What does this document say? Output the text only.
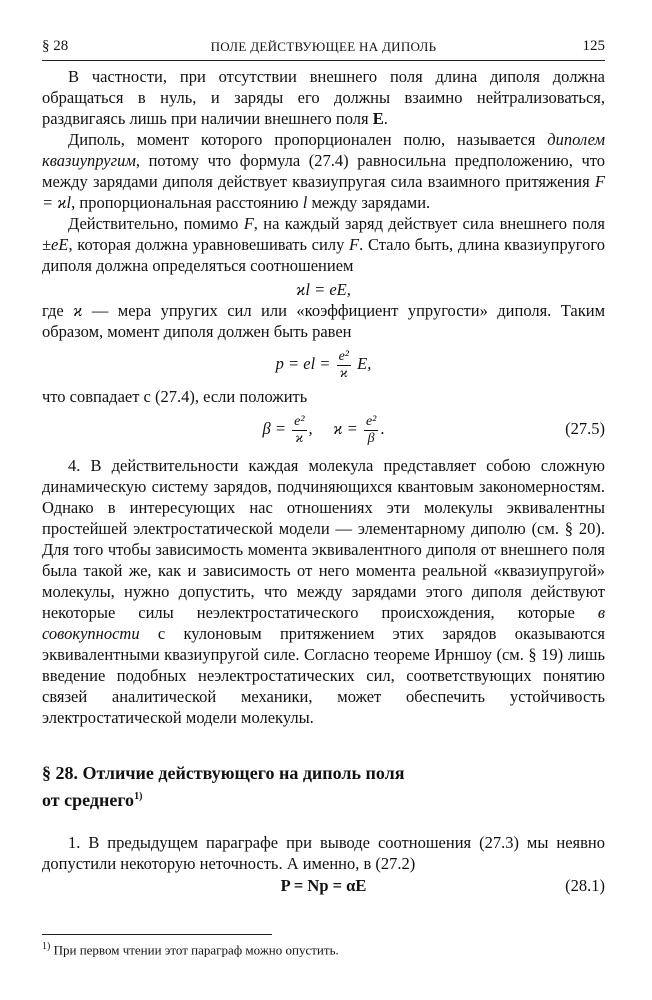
§ 28	ПОЛЕ ДЕЙСТВУЮЩЕЕ НА ДИПОЛЬ	125

В частности, при отсутствии внешнего поля длина диполя должна обращаться в нуль, и заряды его должны взаимно нейтрализоваться, раздвигаясь лишь при наличии внешнего поля E.

Диполь, момент которого пропорционален полю, называется диполем квазиупругим, потому что формула (27.4) равносильна предположению, что между зарядами диполя действует квазиупругая сила взаимного притяжения F = ϰl, пропорциональная расстоянию l между зарядами.

Действительно, помимо F, на каждый заряд действует сила внешнего поля ±eE, которая должна уравновешивать силу F. Стало быть, длина квазиупругого диполя должна определяться соотношением

ϰl = eE,

где ϰ — мера упругих сил или «коэффициент упругости» диполя. Таким образом, момент диполя должен быть равен

p = el = $\frac{\text{e²}}{ϰ} E$,

что совпадает с (27.4), если положить

$\beta = \frac{\text{e²}}{ϰ}$ ,     $ϰ = \frac{\text{e²}}{\beta}$ .	(27.5)

4. В действительности каждая молекула представляет собою сложную динамическую систему зарядов, подчиняющихся квантовым закономерностям. Однако в интересующих нас отношениях эти молекулы эквивалентны простейшей электростатической модели — элементарному диполю (см. § 20). Для того чтобы зависимость момента эквивалентного диполя от внешнего поля была такой же, как и зависимость от него момента реальной «квазиупругой» молекулы, нужно допустить, что между зарядами этого диполя действуют некоторые силы неэлектростатического происхождения, которые в совокупности с кулоновым притяжением этих зарядов оказываются эквивалентными квазиупругой силе. Согласно теореме Ирншоу (см. § 19) лишь введение подобных неэлектростатических сил, соответствующих понятию связей аналитической механики, может обеспечить устойчивость электростатической модели молекулы.

§ 28. Отличие действующего на диполь поля
от среднего$^{1)}$

1. В предыдущем параграфе при выводе соотношения (27.3) мы неявно допустили некоторую неточность. А именно, в (27.2)

P = Np = αE	(28.1)
$^{1)}$ При первом чтении этот параграф можно опустить.
